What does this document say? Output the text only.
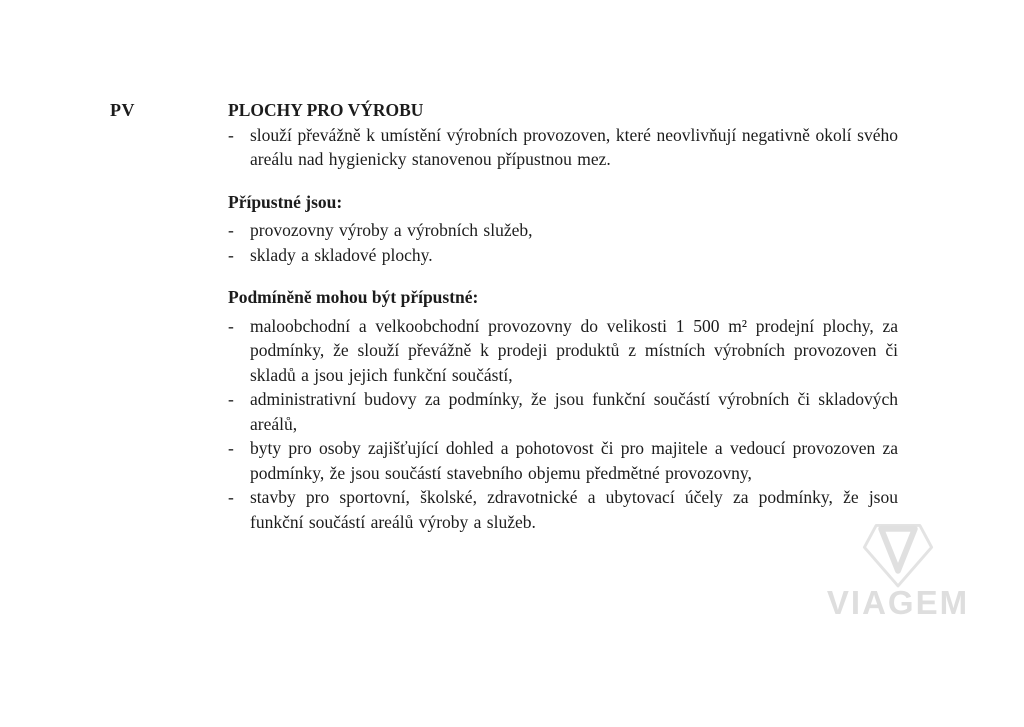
PV	PLOCHY PRO VÝROBU
- slouží převážně k umístění výrobních provozoven, které neovlivňují negativně okolí svého areálu nad hygienicky stanovenou přípustnou mez.
Přípustné jsou:
- provozovny výroby a výrobních služeb,
- sklady a skladové plochy.
Podmíněně mohou být přípustné:
- maloobchodní a velkoobchodní provozovny do velikosti 1 500 m² prodejní plochy, za podmínky, že slouží převážně k prodeji produktů z místních výrobních provozoven či skladů a jsou jejich funkční součástí,
- administrativní budovy za podmínky, že jsou funkční součástí výrobních či skladových areálů,
- byty pro osoby zajišťující dohled a pohotovost či pro majitele a vedoucí provozoven za podmínky, že jsou součástí stavebního objemu předmětné provozovny,
- stavby pro sportovní, školské, zdravotnické a ubytovací účely za podmínky, že jsou funkční součástí areálů výroby a služeb.
VIAGEM
